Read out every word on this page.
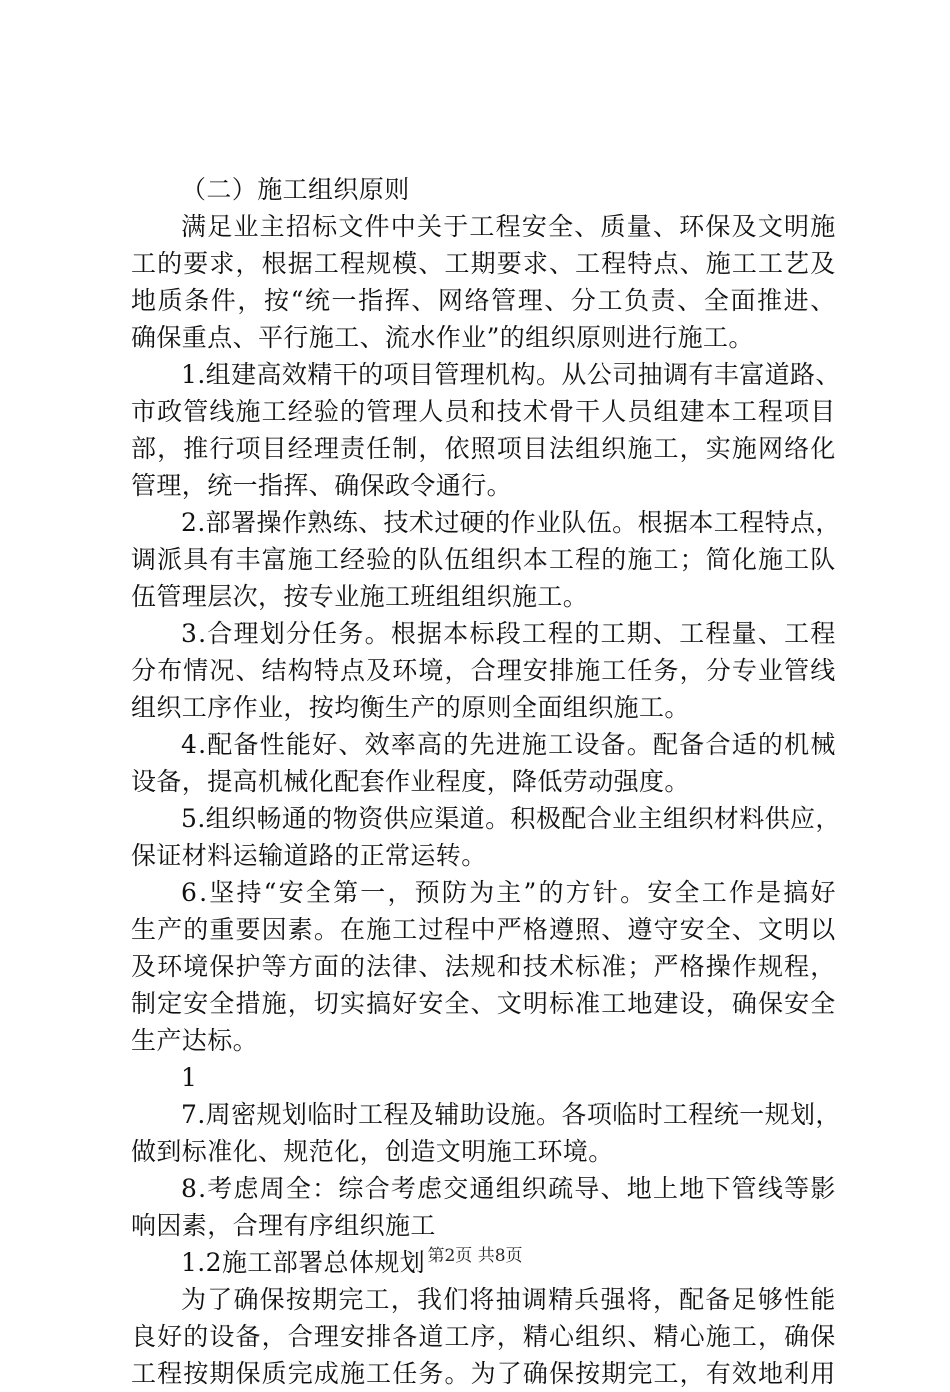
（二）施工组织原则
满 足 业 主 招 标 文 件 中 关 于 工 程 安 全 、 质 量 、 环 保 及 文 明 施
工 的 要 求 ， 根 据 工 程 规 模 、 工 期 要 求 、 工 程 特 点 、 施 工 工 艺 及
地 质 条 件 ， 按 “ 统 一 指 挥 、 网 络 管 理 、 分 工 负 责 、 全 面 推 进 、
确保重点、平行施工、流水作业”的组织原则进行施工。
1 . 组 建 高 效 精 干 的 项 目 管 理 机 构 。 从 公 司 抽 调 有 丰 富 道 路 、
市 政 管 线 施 工 经 验 的 管 理 人 员 和 技 术 骨 干 人 员 组 建 本 工 程 项 目
部 ， 推 行 项 目 经 理 责 任 制 ， 依 照 项 目 法 组 织 施 工 ， 实 施 网 络 化
管理，统一指挥、确保政令通行。
2 . 部 署 操 作 熟 练 、 技 术 过 硬 的 作 业 队 伍 。 根 据 本 工 程 特 点 ，
调 派 具 有 丰 富 施 工 经 验 的 队 伍 组 织 本 工 程 的 施 工 ； 简 化 施 工 队
伍管理层次，按专业施工班组组织施工。
3 . 合 理 划 分 任 务 。 根 据 本 标 段 工 程 的 工 期 、 工 程 量 、 工 程
分 布 情 况 、 结 构 特 点 及 环 境 ， 合 理 安 排 施 工 任 务 ， 分 专 业 管 线
组织工序作业，按均衡生产的原则全面组织施工。
4 . 配 备 性 能 好 、 效 率 高 的 先 进 施 工 设 备 。 配 备 合 适 的 机 械
设备，提高机械化配套作业程度，降低劳动强度。
5 . 组 织 畅 通 的 物 资 供 应 渠 道 。 积 极 配 合 业 主 组 织 材 料 供 应 ，
保证材料运输道路的正常运转。
6 . 坚 持 “ 安 全 第 一 ， 预 防 为 主 ” 的 方 针 。 安 全 工 作 是 搞 好
生 产 的 重 要 因 素 。 在 施 工 过 程 中 严 格 遵 照 、 遵 守 安 全 、 文 明 以
及 环 境 保 护 等 方 面 的 法 律 、 法 规 和 技 术 标 准 ； 严 格 操 作 规 程 ，
制 定 安 全 措 施 ， 切 实 搞 好 安 全 、 文 明 标 准 工 地 建 设 ， 确 保 安 全
生产达标。
1
7 . 周 密 规 划 临 时 工 程 及 辅 助 设 施 。 各 项 临 时 工 程 统 一 规 划 ，
做到标准化、规范化，创造文明施工环境。
8 . 考 虑 周 全 ： 综 合 考 虑 交 通 组 织 疏 导 、 地 上 地 下 管 线 等 影
响因素，合理有序组织施工
1.2施工部署总体规划
为 了 确 保 按 期 完 工 ， 我 们 将 抽 调 精 兵 强 将 ， 配 备 足 够 性 能
良 好 的 设 备 ， 合 理 安 排 各 道 工 序 ， 精 心 组 织 、 精 心 施 工 ， 确 保
工 程 按 期 保 质 完 成 施 工 任 务 。 为 了 确 保 按 期 完 工 ， 有 效 地 利 用
第2页 共8页
